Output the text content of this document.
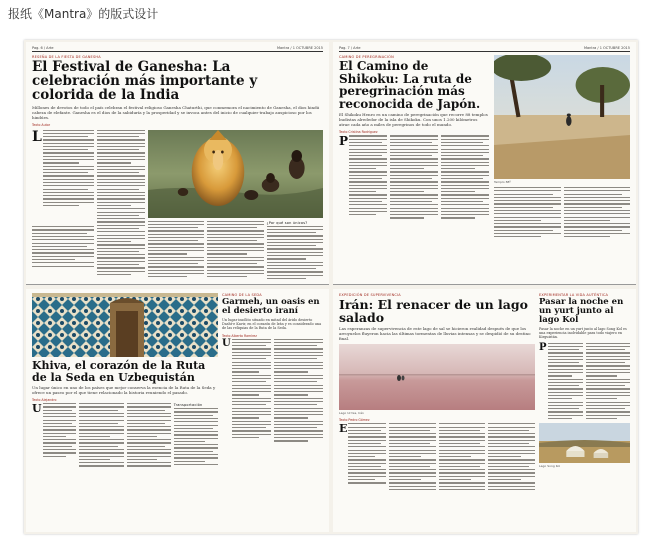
报纸《Mantra》的版式设计
Pag. 6 / Arte	Mantra / 1 OCTUBRE 2015
RESEÑA DE LA FIESTA DE GANESHA
El Festival de Ganesha: La celebración más importante y colorida de la India
Millones de devotos de todo el país celebran el festival religioso Ganesha Chaturthi, que conmemora el nacimiento de Ganesha, el dios hindú cabeza de elefante. Ganesha es el dios de la sabiduría y la prosperidad y se invoca antes del inicio de cualquier trabajo auspicioso por los hindúes.
Texto Autor
L
¿Por qué son únicos?
Pag. 7 / Arte	Mantra / 1 OCTUBRE 2015
CAMINO DE PEREGRINACIÓN
El Camino de Shikoku: La ruta de peregrinación más reconocida de Japón.
El Shikoku Henro es un camino de peregrinación que recorre 88 templos budistas alrededor de la isla de Shikoku. Con unos 1.200 kilómetros atrae cada año a miles de peregrinos de todo el mundo.
Texto Cristina Rodríguez
P
Templo 88º
Khiva, el corazón de la Ruta de la Seda en Uzbequistán
Un lugar único en uno de los países que mejor conserva la esencia de la Ruta de la Seda y ofrece un paseo por el que tiene relacionado la historia reuniendo el pasado.
Texto Alejandro
U	Transportación
CAMINO DE LA SEDA
Garmeh, un oasis en el desierto iraní
Un lugar insólito situado en mitad del árido desierto Dasht-e Kavir, en el corazón de Irán y es considerado una de las reliquias de la Ruta de la Seda.
Texto Alberto Ramírez
U
EXPEDICIÓN DE SUPERVIVENCIA
Irán: El renacer de un lago salado
Las esperanzas de supervivencia de este lago de sal se hicieron realidad después de que los arroyuelos fluyeron hacia las últimas tormentas de lluvias intensas y se despidió de su destino final.
Lago Urmia, Irán
Texto Pedro Gómez
E
EXPERIMENTAR LA VIDA AUTÉNTICA
Pasar la noche en un yurt junto al lago Kol
Pasar la noche en un yurt junto al lago Song Kol es una experiencia inolvidable para todo viajero en Kirguistán.
P
Lago Song Kol
